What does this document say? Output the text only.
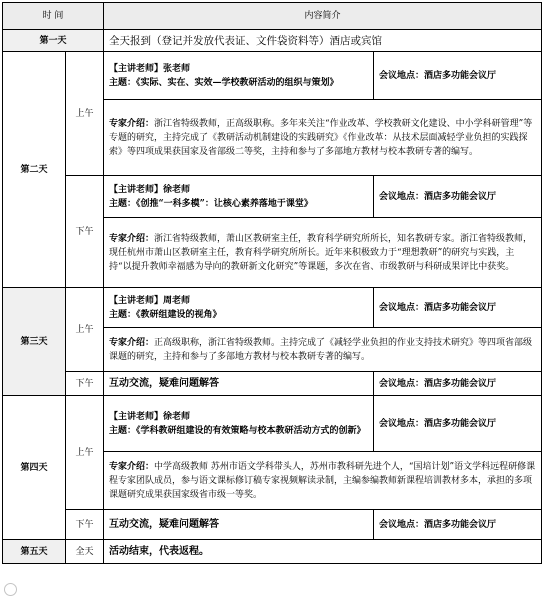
时 间		内容简介	
第一天		全天报到（登记并发放代表证、文件袋资料等）酒店或宾馆	
第二天	上午	【主讲老师】张老师
主题：《实际、实在、实效—学校教研活动的组织与策划》	会议地点：酒店多功能会议厅
		专家介绍：浙江省特级教师，正高级职称。多年来关注“作业改革、学校教研文化建设、中小学科研管理”等专题的研究，主持完成了《教研活动机制建设的实践研究》《作业改革：从技术层面减轻学业负担的实践探索》等四项成果获国家及省部级二等奖，主持和参与了多部地方教材与校本教研专著的编写。	
	下午	【主讲老师】徐老师
主题：《创推“一科多模”：让核心素养落地于课堂》	会议地点：酒店多功能会议厅
		专家介绍：浙江省特级教师，萧山区教研室主任，教育科学研究所所长，知名教研专家。浙江省特级教师，现任杭州市萧山区教研室主任，教育科学研究所所长。近年来积极致力于“理想教研”的研究与实践，主持“以提升教师幸福感为导向的教研新文化研究”等课题，多次在省、市级教研与科研成果评比中获奖。	
第三天	上午	【主讲老师】周老师
主题：《教研组建设的视角》	会议地点：酒店多功能会议厅
		专家介绍：正高级职称，浙江省特级教师。主持完成了《减轻学业负担的作业支持技术研究》等四项省部级课题的研究，主持和参与了多部地方教材与校本教研专著的编写。	
	下午	互动交流，疑难问题解答	会议地点：酒店多功能会议厅
第四天	上午	【主讲老师】徐老师
主题：《学科教研组建设的有效策略与校本教研活动方式的创新》	会议地点：酒店多功能会议厅
		专家介绍：中学高级教师 苏州市语文学科带头人，苏州市教科研先进个人，“国培计划”语文学科远程研修课程专家团队成员，参与语文课标修订稿专家视频解读录制，主编参编教师新课程培训教材多本，承担的多项课题研究成果获国家级省市级一等奖。	
	下午	互动交流，疑难问题解答	会议地点：酒店多功能会议厅
第五天	全天	活动结束，代表返程。	
